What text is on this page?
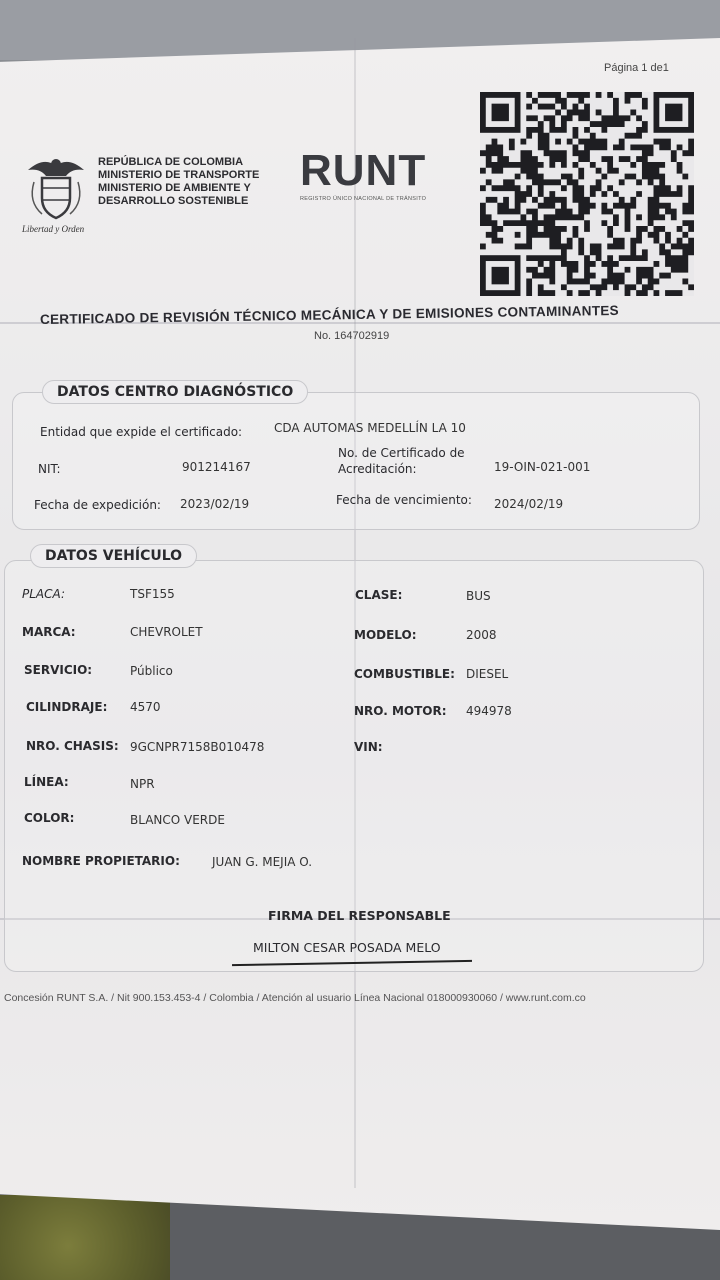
Página 1 de1
Libertad y Orden
REPÚBLICA DE COLOMBIA
MINISTERIO DE TRANSPORTE
MINISTERIO DE AMBIENTE Y
DESARROLLO SOSTENIBLE
RUNT
REGISTRO ÚNICO NACIONAL DE TRÁNSITO
CERTIFICADO DE REVISIÓN TÉCNICO MECÁNICA Y DE EMISIONES CONTAMINANTES
No. 164702919
DATOS CENTRO DIAGNÓSTICO
Entidad que expide el certificado:	CDA AUTOMAS MEDELLÍN LA 10
NIT:	901214167
No. de Certificado de
Acreditación:	19-OIN-021-001
Fecha de expedición: 2023/02/19	Fecha de vencimiento: 2024/02/19
DATOS VEHÍCULO
PLACA:	TSF155	CLASE:	BUS
MARCA:	CHEVROLET	MODELO:	2008
SERVICIO:	Público	COMBUSTIBLE: DIESEL
CILINDRAJE: 4570	NRO. MOTOR: 494978
NRO. CHASIS: 9GCNPR7158B010478	VIN:
LÍNEA:	NPR
COLOR:	BLANCO VERDE
NOMBRE PROPIETARIO:	JUAN G. MEJIA O.
FIRMA DEL RESPONSABLE
MILTON CESAR POSADA MELO
Concesión RUNT S.A. / Nit 900.153.453-4 / Colombia / Atención al usuario Línea Nacional 018000930060 / www.runt.com.co
